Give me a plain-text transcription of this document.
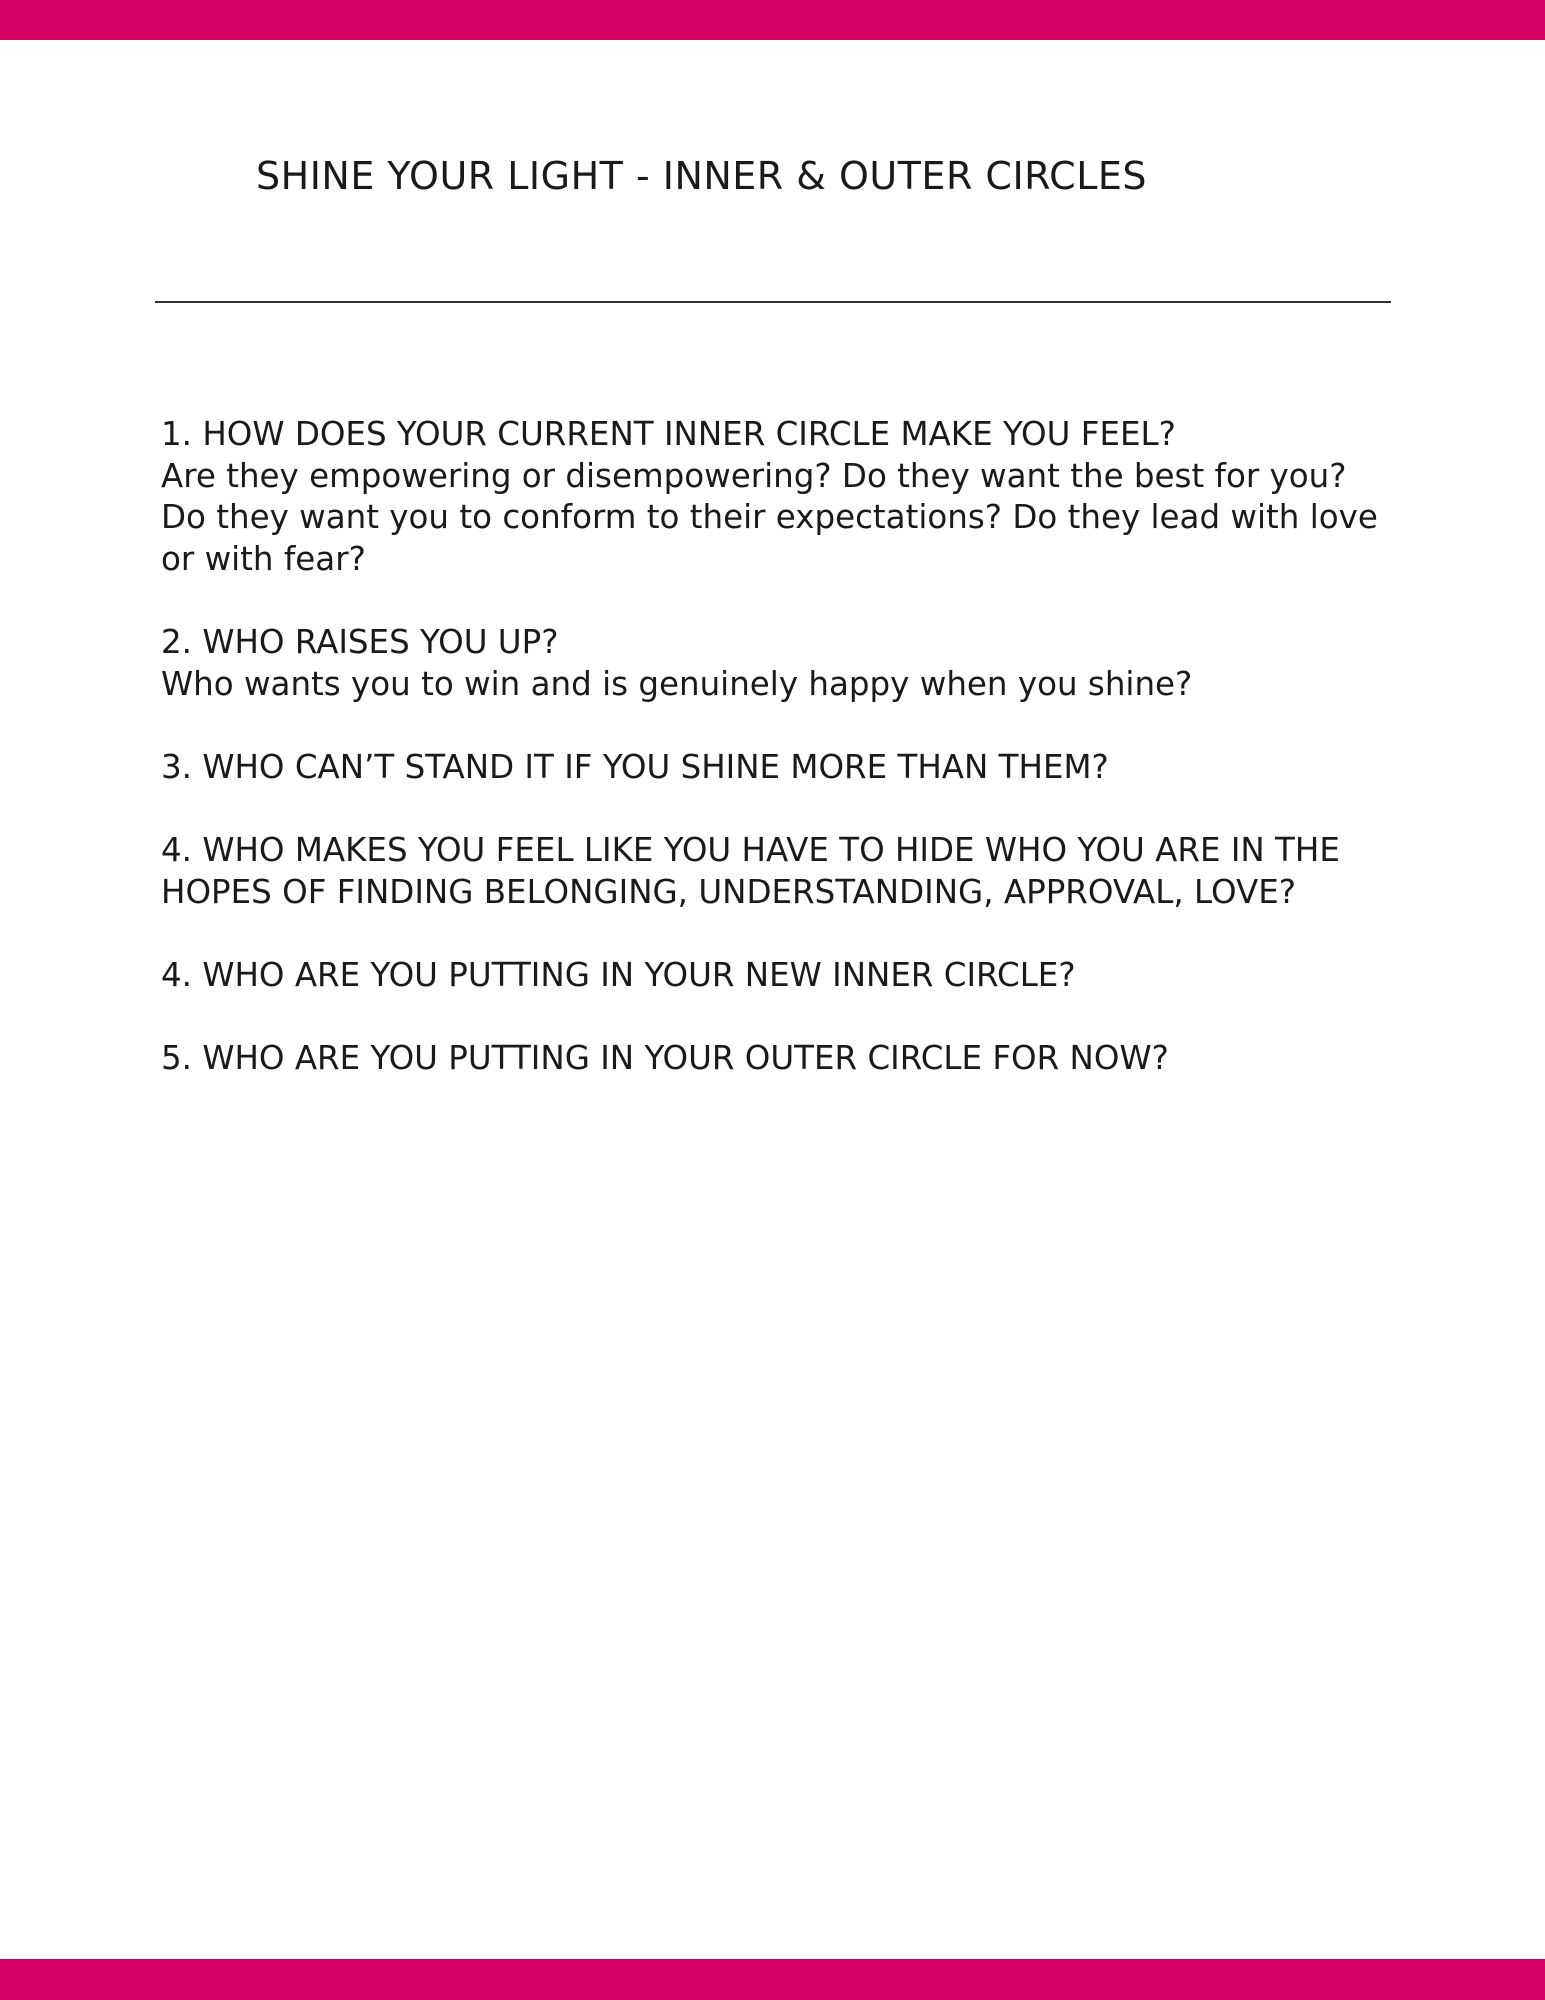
SHINE YOUR LIGHT - INNER & OUTER CIRCLES
1. HOW DOES YOUR CURRENT INNER CIRCLE MAKE YOU FEEL?
Are they empowering or disempowering? Do they want the best for you? Do they want you to conform to their expectations? Do they lead with love or with fear?
2. WHO RAISES YOU UP?
Who wants you to win and is genuinely happy when you shine?
3. WHO CAN’T STAND IT IF YOU SHINE MORE THAN THEM?
4. WHO MAKES YOU FEEL LIKE YOU HAVE TO HIDE WHO YOU ARE IN THE HOPES OF FINDING BELONGING, UNDERSTANDING, APPROVAL, LOVE?
4. WHO ARE YOU PUTTING IN YOUR NEW INNER CIRCLE?
5. WHO ARE YOU PUTTING IN YOUR OUTER CIRCLE FOR NOW?
